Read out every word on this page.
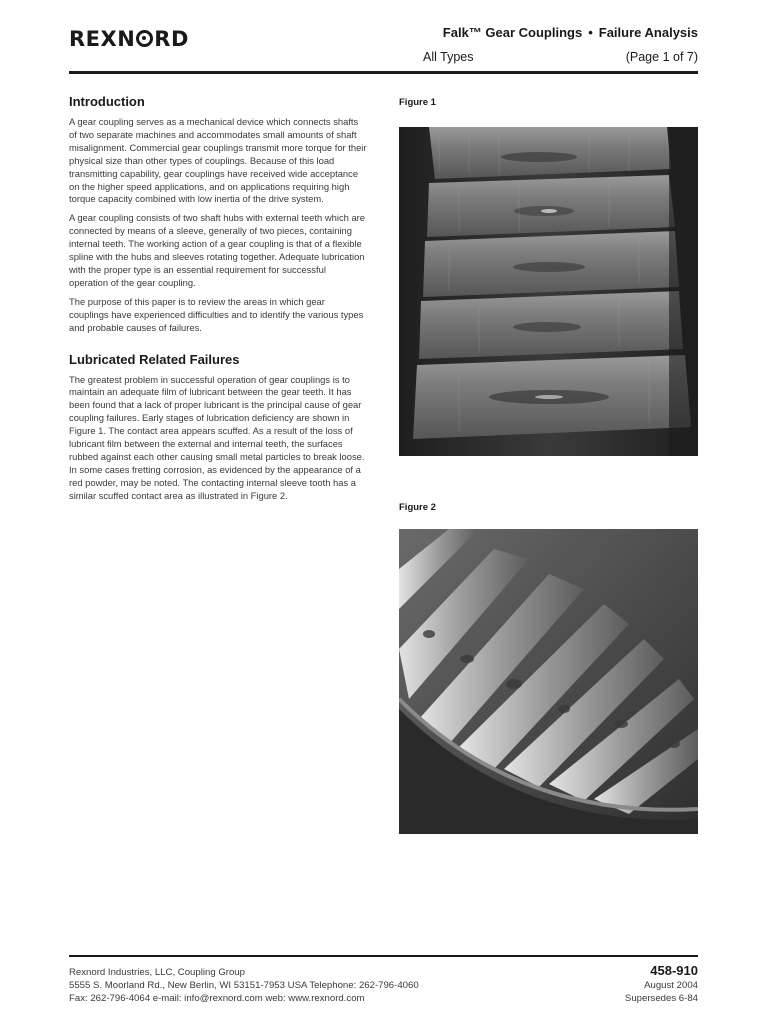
REXN RD	Falk™ Gear Couplings • Failure Analysis
All Types	(Page 1 of 7)
Introduction

A gear coupling serves as a mechanical device which connects shafts of two separate machines and accommodates small amounts of shaft misalignment. Commercial gear couplings transmit more torque for their physical size than other types of couplings. Because of this load transmitting capability, gear couplings have received wide acceptance on the higher speed applications, and on applications requiring high torque capacity combined with low inertia of the drive system.

A gear coupling consists of two shaft hubs with external teeth which are connected by means of a sleeve, generally of two pieces, containing internal teeth. The working action of a gear coupling is that of a flexible spline with the hubs and sleeves rotating together. Adequate lubrication with the proper type is an essential requirement for successful operation of the gear coupling.

The purpose of this paper is to review the areas in which gear couplings have experienced difficulties and to identify the various types and probable causes of failures.

Lubricated Related Failures

The greatest problem in successful operation of gear couplings is to maintain an adequate film of lubricant between the gear teeth. It has been found that a lack of proper lubricant is the principal cause of gear coupling failures. Early stages of lubrication deficiency are shown in Figure 1. The contact area appears scuffed. As a result of the loss of lubricant film between the external and internal teeth, the surfaces rubbed against each other causing small metal particles to break loose. In some cases fretting corrosion, as evidenced by the appearance of a red powder, may be noted. The contacting internal sleeve tooth has a similar scuffed contact area as illustrated in Figure 2.

Figure 1
Figure 2
Rexnord Industries, LLC, Coupling Group
5555 S. Moorland Rd., New Berlin, WI 53151-7953 USA Telephone: 262-796-4060
Fax: 262-796-4064 e-mail: info@rexnord.com web: www.rexnord.com
458-910
August 2004
Supersedes 6-84
